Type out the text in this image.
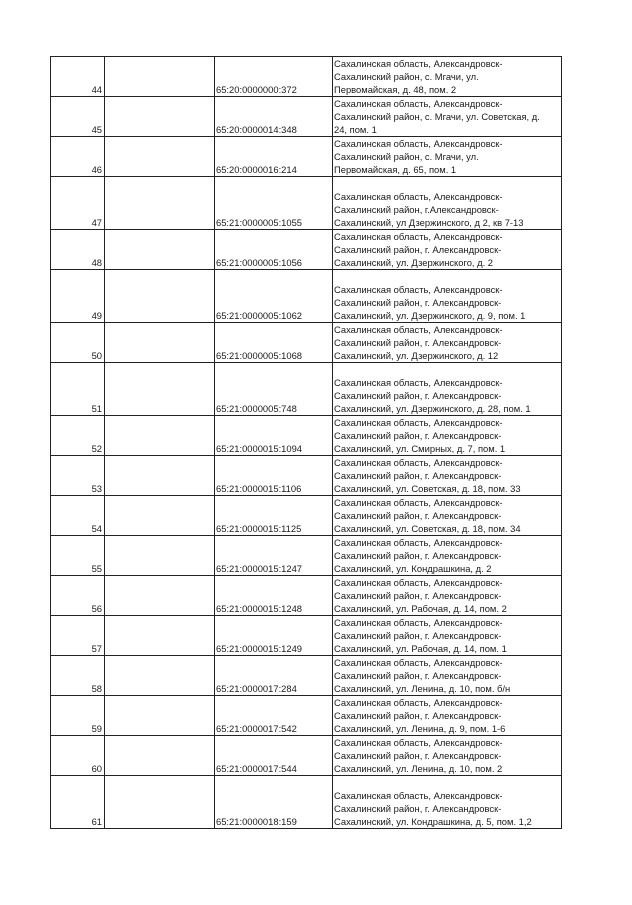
44		65:20:0000000:372	Сахалинская область, Александровск-
Сахалинский район, с. Мгачи, ул.
Первомайская, д. 48, пом. 2
45		65:20:0000014:348	Сахалинская область, Александровск-
Сахалинский район, с. Мгачи, ул. Советская, д.
24, пом. 1
46		65:20:0000016:214	Сахалинская область, Александровск-
Сахалинский район, с. Мгачи, ул.
Первомайская, д. 65, пом. 1
47		65:21:0000005:1055	Сахалинская область, Александровск-
Сахалинский район, г.Александровск-
Сахалинский, ул Дзержинского, д 2, кв 7-13
48		65:21:0000005:1056	Сахалинская область, Александровск-
Сахалинский район, г. Александровск-
Сахалинский, ул. Дзержинского, д. 2
49		65:21:0000005:1062	Сахалинская область, Александровск-
Сахалинский район, г. Александровск-
Сахалинский, ул. Дзержинского, д. 9, пом. 1
50		65:21:0000005:1068	Сахалинская область, Александровск-
Сахалинский район, г. Александровск-
Сахалинский, ул. Дзержинского, д. 12
51		65:21:0000005:748	Сахалинская область, Александровск-
Сахалинский район, г. Александровск-
Сахалинский, ул. Дзержинского, д. 28, пом. 1
52		65:21:0000015:1094	Сахалинская область, Александровск-
Сахалинский район, г. Александровск-
Сахалинский, ул. Смирных, д. 7, пом. 1
53		65:21:0000015:1106	Сахалинская область, Александровск-
Сахалинский район, г. Александровск-
Сахалинский, ул. Советская, д. 18, пом. 33
54		65:21:0000015:1125	Сахалинская область, Александровск-
Сахалинский район, г. Александровск-
Сахалинский, ул. Советская, д. 18, пом. 34
55		65:21:0000015:1247	Сахалинская область, Александровск-
Сахалинский район, г. Александровск-
Сахалинский, ул. Кондрашкина, д. 2
56		65:21:0000015:1248	Сахалинская область, Александровск-
Сахалинский район, г. Александровск-
Сахалинский, ул. Рабочая, д. 14, пом. 2
57		65:21:0000015:1249	Сахалинская область, Александровск-
Сахалинский район, г. Александровск-
Сахалинский, ул. Рабочая, д. 14, пом. 1
58		65:21:0000017:284	Сахалинская область, Александровск-
Сахалинский район, г. Александровск-
Сахалинский, ул. Ленина, д. 10, пом. б/н
59		65:21:0000017:542	Сахалинская область, Александровск-
Сахалинский район, г. Александровск-
Сахалинский, ул. Ленина, д. 9, пом. 1-6
60		65:21:0000017:544	Сахалинская область, Александровск-
Сахалинский район, г. Александровск-
Сахалинский, ул. Ленина, д. 10, пом. 2
61		65:21:0000018:159	Сахалинская область, Александровск-
Сахалинский район, г. Александровск-
Сахалинский, ул. Кондрашкина, д. 5, пом. 1,2
